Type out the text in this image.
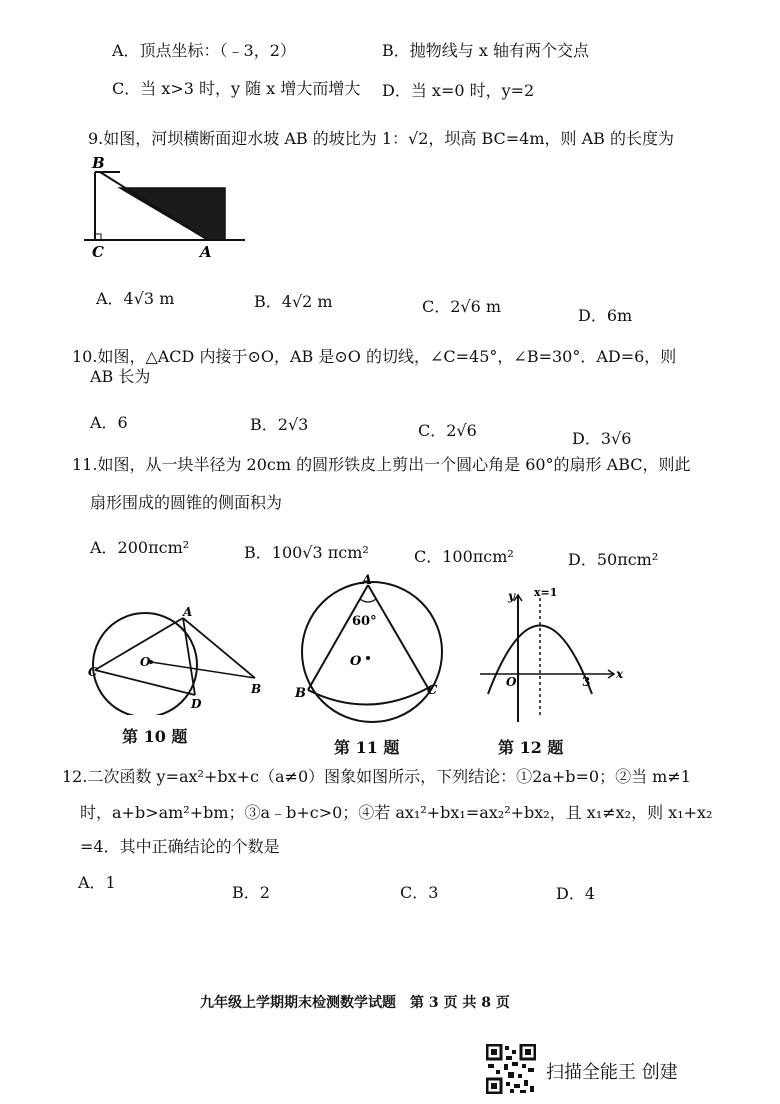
A．顶点坐标：（﹣3，2）	B．抛物线与 x 轴有两个交点
C．当 x>3 时，y 随 x 增大而增大 D．当 x=0 时，y=2
9.如图，河坝横断面迎水坡 AB 的坡比为 1：√2，坝高 BC=4m，则 AB 的长度为
B
C	A
A．4√3 m	B．4√2 m	C．2√6 m	D．6m
10.如图，△ACD 内接于⊙O，AB 是⊙O 的切线，∠C=45°，∠B=30°．AD=6，则
AB 长为
A．6	B．2√3	C．2√6	D．3√6
11.如图，从一块半径为 20cm 的圆形铁皮上剪出一个圆心角是 60°的扇形 ABC，则此
扇形围成的圆锥的侧面积为
A．200πcm²	B．100√3 πcm²	C．100πcm²	D．50πcm²
A
C
O
D
B
第 10 题
A
60°
O
B	C
第 11 题
y x=1
O	3
x
第 12 题
12.二次函数 y=ax²+bx+c（a≠0）图象如图所示，下列结论：①2a+b=0；②当 m≠1
时，a+b>am²+bm；③a﹣b+c>0；④若 ax₁²+bx₁=ax₂²+bx₂，且 x₁≠x₂，则 x₁+x₂
=4．其中正确结论的个数是
A．1
B．2	C．3	D．4
九年级上学期期末检测数学试题　第 3 页 共 8 页
扫描全能王 创建
